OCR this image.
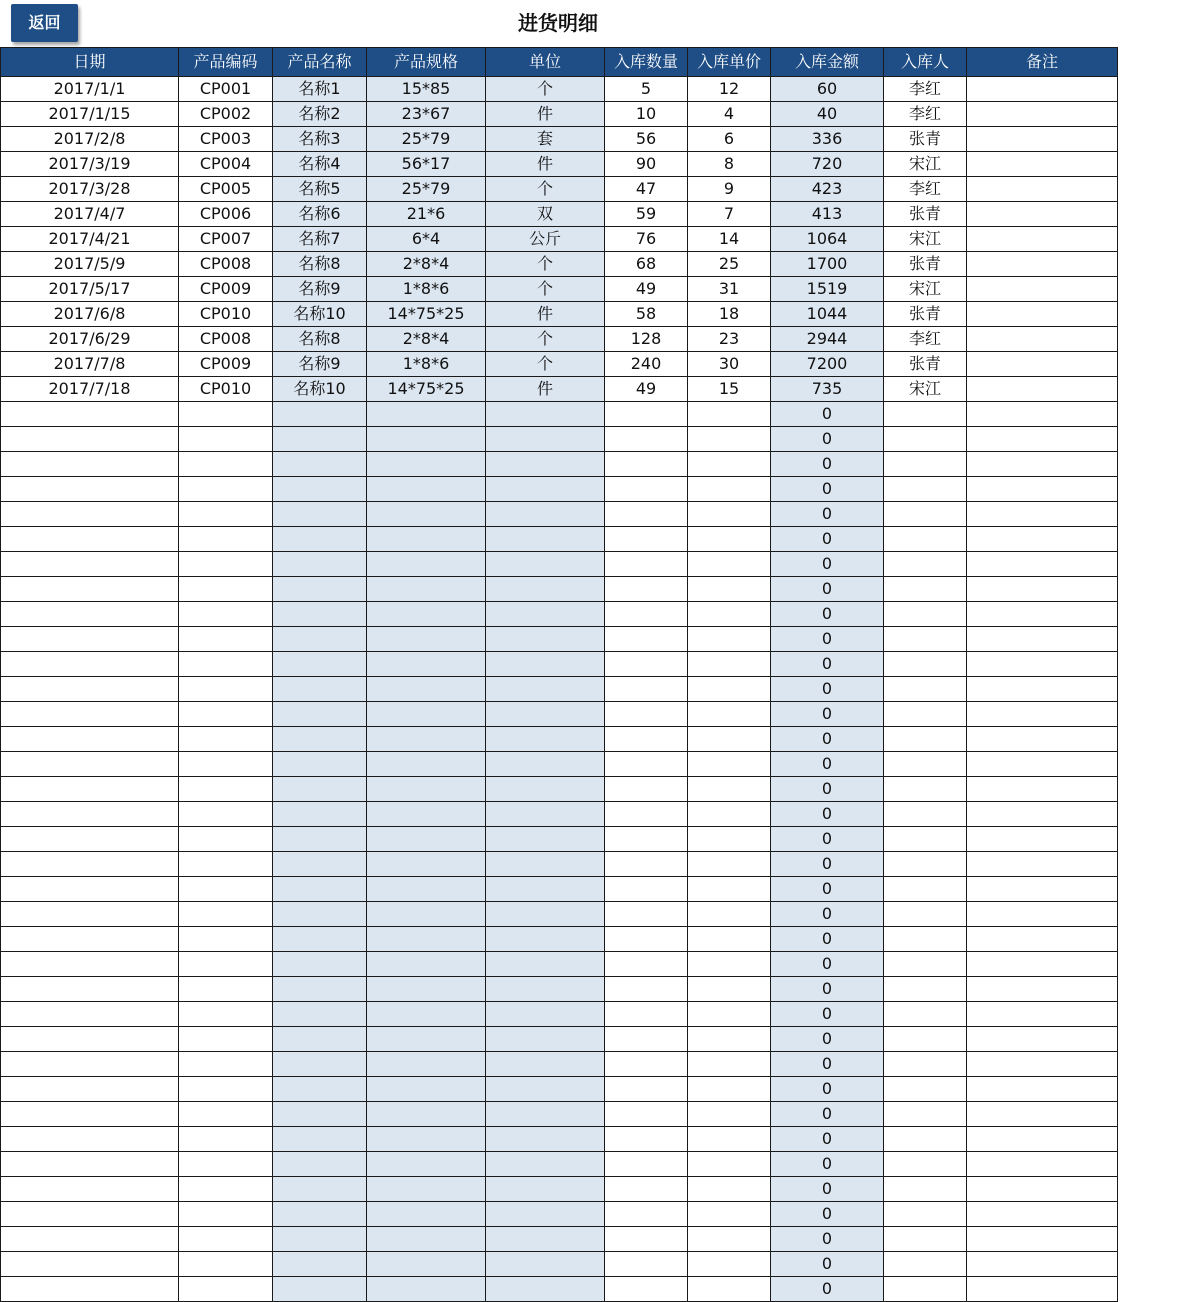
返回	进货明细
日期	产品编码	产品名称	产品规格	单位	入库数量	入库单价	入库金额	入库人	备注
2017/1/1	CP001	名称1	15*85	个	5	12	60	李红	
2017/1/15	CP002	名称2	23*67	件	10	4	40	李红	
2017/2/8	CP003	名称3	25*79	套	56	6	336	张青	
2017/3/19	CP004	名称4	56*17	件	90	8	720	宋江	
2017/3/28	CP005	名称5	25*79	个	47	9	423	李红	
2017/4/7	CP006	名称6	21*6	双	59	7	413	张青	
2017/4/21	CP007	名称7	6*4	公斤	76	14	1064	宋江	
2017/5/9	CP008	名称8	2*8*4	个	68	25	1700	张青	
2017/5/17	CP009	名称9	1*8*6	个	49	31	1519	宋江	
2017/6/8	CP010	名称10	14*75*25	件	58	18	1044	张青	
2017/6/29	CP008	名称8	2*8*4	个	128	23	2944	李红	
2017/7/8	CP009	名称9	1*8*6	个	240	30	7200	张青	
2017/7/18	CP010	名称10	14*75*25	件	49	15	735	宋江	
							0		
							0		
							0		
							0		
							0		
							0		
							0		
							0		
							0		
							0		
							0		
							0		
							0		
							0		
							0		
							0		
							0		
							0		
							0		
							0		
							0		
							0		
							0		
							0		
							0		
							0		
							0		
							0		
							0		
							0		
							0		
							0		
							0		
							0		
							0		
							0		
